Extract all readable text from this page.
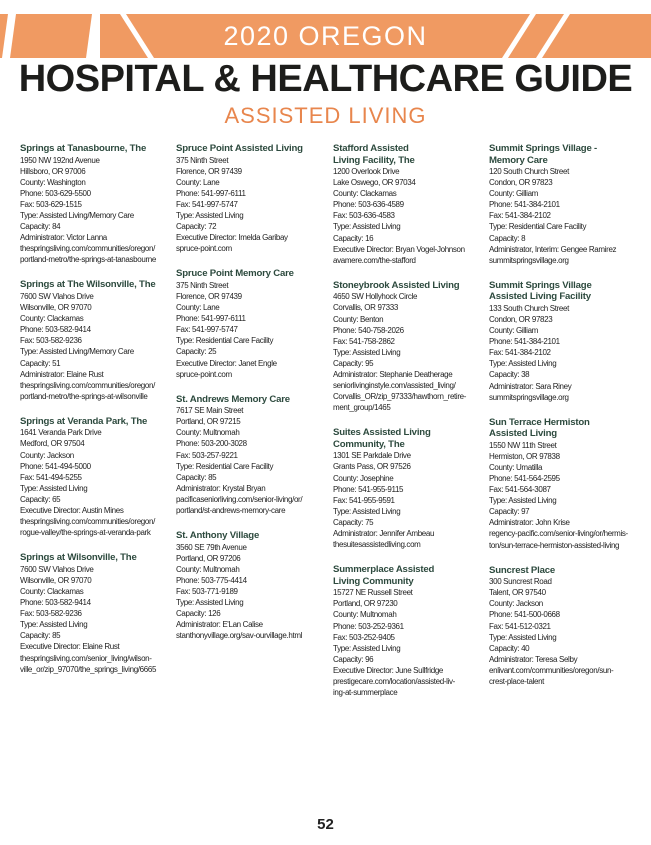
2020 OREGON
HOSPITAL & HEALTHCARE GUIDE
ASSISTED LIVING
Springs at Tanasbourne, The
1950 NW 192nd Avenue
Hillsboro, OR 97006
County: Washington
Phone: 503-629-5500
Fax: 503-629-1515
Type: Assisted Living/Memory Care
Capacity: 84
Administrator: Victor Lanna
thespringsliving.com/communities/oregon/
portland-metro/the-springs-at-tanasbourne
Springs at The Wilsonville, The
7600 SW Vlahos Drive
Wilsonville, OR 97070
County: Clackamas
Phone: 503-582-9414
Fax: 503-582-9236
Type: Assisted Living/Memory Care
Capacity: 51
Administrator: Elaine Rust
thespringsliving.com/communities/oregon/
portland-metro/the-springs-at-wilsonville
Springs at Veranda Park, The
1641 Veranda Park Drive
Medford, OR 97504
County: Jackson
Phone: 541-494-5000
Fax: 541-494-5255
Type: Assisted Living
Capacity: 65
Executive Director: Austin Mines
thespringsliving.com/communities/oregon/
rogue-valley/the-springs-at-veranda-park
Springs at Wilsonville, The
7600 SW Vlahos Drive
Wilsonville, OR 97070
County: Clackamas
Phone: 503-582-9414
Fax: 503-582-9236
Type: Assisted Living
Capacity: 85
Executive Director: Elaine Rust
thespringsliving.com/senior_living/wilson-
ville_or/zip_97070/the_springs_living/6665
Spruce Point Assisted Living
375 Ninth Street
Florence, OR 97439
County: Lane
Phone: 541-997-6111
Fax: 541-997-5747
Type: Assisted Living
Capacity: 72
Executive Director: Imelda Garibay
spruce-point.com
Spruce Point Memory Care
375 Ninth Street
Florence, OR 97439
County: Lane
Phone: 541-997-6111
Fax: 541-997-5747
Type: Residential Care Facility
Capacity: 25
Executive Director: Janet Engle
spruce-point.com
St. Andrews Memory Care
7617 SE Main Street
Portland, OR 97215
County: Multnomah
Phone: 503-200-3028
Fax: 503-257-9221
Type: Residential Care Facility
Capacity: 85
Administrator: Krystal Bryan
pacificaseniorliving.com/senior-living/or/
portland/st-andrews-memory-care
St. Anthony Village
3560 SE 79th Avenue
Portland, OR 97206
County: Multnomah
Phone: 503-775-4414
Fax: 503-771-9189
Type: Assisted Living
Capacity: 126
Administrator: E'Lan Calise
stanthonyvillage.org/sav-ourvillage.html
Stafford Assisted
Living Facility, The
1200 Overlook Drive
Lake Oswego, OR 97034
County: Clackamas
Phone: 503-636-4589
Fax: 503-636-4583
Type: Assisted Living
Capacity: 16
Executive Director: Bryan Vogel-Johnson
avamere.com/the-stafford
Stoneybrook Assisted Living
4650 SW Hollyhock Circle
Corvallis, OR 97333
County: Benton
Phone: 540-758-2026
Fax: 541-758-2862
Type: Assisted Living
Capacity: 95
Administrator: Stephanie Deatherage
seniorlivinginstyle.com/assisted_living/
Corvallis_OR/zip_97333/hawthorn_retire-
ment_group/1465
Suites Assisted Living
Community, The
1301 SE Parkdale Drive
Grants Pass, OR 97526
County: Josephine
Phone: 541-955-9115
Fax: 541-955-9591
Type: Assisted Living
Capacity: 75
Administrator: Jennifer Ambeau
thesuitesassistedliving.com
Summerplace Assisted
Living Community
15727 NE Russell Street
Portland, OR 97230
County: Multnomah
Phone: 503-252-9361
Fax: 503-252-9405
Type: Assisted Living
Capacity: 96
Executive Director: June Sullfridge
prestigecare.com/location/assisted-liv-
ing-at-summerplace
Summit Springs Village -
Memory Care
120 South Church Street
Condon, OR 97823
County: Gilliam
Phone: 541-384-2101
Fax: 541-384-2102
Type: Residential Care Facility
Capacity: 8
Administrator, Interim: Gengee Ramirez
summitspringsvillage.org
Summit Springs Village
Assisted Living Facility
133 South Church Street
Condon, OR 97823
County: Gilliam
Phone: 541-384-2101
Fax: 541-384-2102
Type: Assisted Living
Capacity: 38
Administrator: Sara Riney
summitspringsvillage.org
Sun Terrace Hermiston
Assisted Living
1550 NW 11th Street
Hermiston, OR 97838
County: Umatilla
Phone: 541-564-2595
Fax: 541-564-3087
Type: Assisted Living
Capacity: 97
Administrator: John Krise
regency-pacific.com/senior-living/or/hermis-
ton/sun-terrace-hermiston-assisted-living
Suncrest Place
300 Suncrest Road
Talent, OR 97540
County: Jackson
Phone: 541-500-0668
Fax: 541-512-0321
Type: Assisted Living
Capacity: 40
Administrator: Teresa Selby
enlivant.com/communities/oregon/sun-
crest-place-talent
52
